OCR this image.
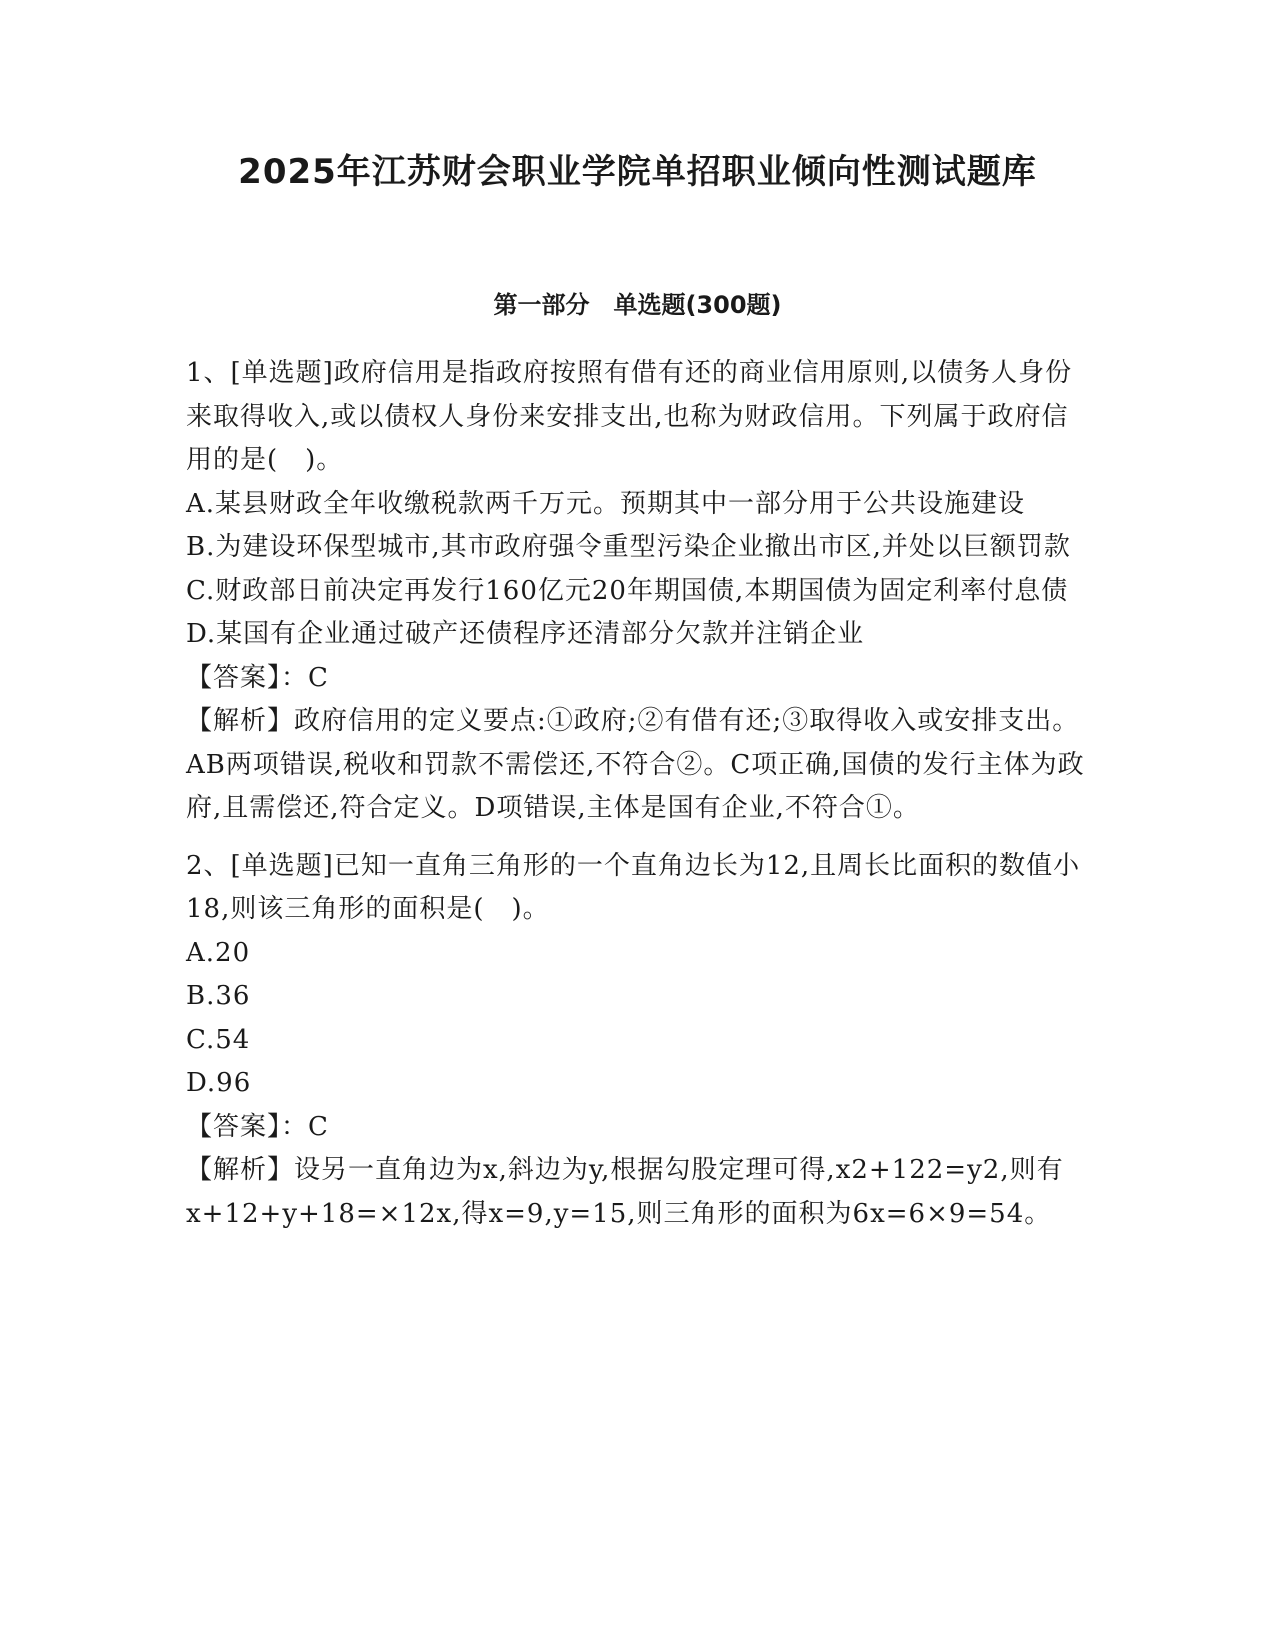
2025年江苏财会职业学院单招职业倾向性测试题库
第一部分　单选题(300题)

1、[单选题]政府信用是指政府按照有借有还的商业信用原则,以债务人身份来取得收入,或以债权人身份来安排支出,也称为财政信用。下列属于政府信用的是(　)。

A.某县财政全年收缴税款两千万元。预期其中一部分用于公共设施建设

B.为建设环保型城市,其市政府强令重型污染企业撤出市区,并处以巨额罚款

C.财政部日前决定再发行160亿元20年期国债,本期国债为固定利率付息债

D.某国有企业通过破产还债程序还清部分欠款并注销企业

【答案】：C

【解析】政府信用的定义要点:①政府;②有借有还;③取得收入或安排支出。AB两项错误,税收和罚款不需偿还,不符合②。C项正确,国债的发行主体为政府,且需偿还,符合定义。D项错误,主体是国有企业,不符合①。

2、[单选题]已知一直角三角形的一个直角边长为12,且周长比面积的数值小18,则该三角形的面积是(　)。

A.20

B.36

C.54

D.96

【答案】：C

【解析】设另一直角边为x,斜边为y,根据勾股定理可得,x2+122=y2,则有x+12+y+18=×12x,得x=9,y=15,则三角形的面积为6x=6×9=54。
